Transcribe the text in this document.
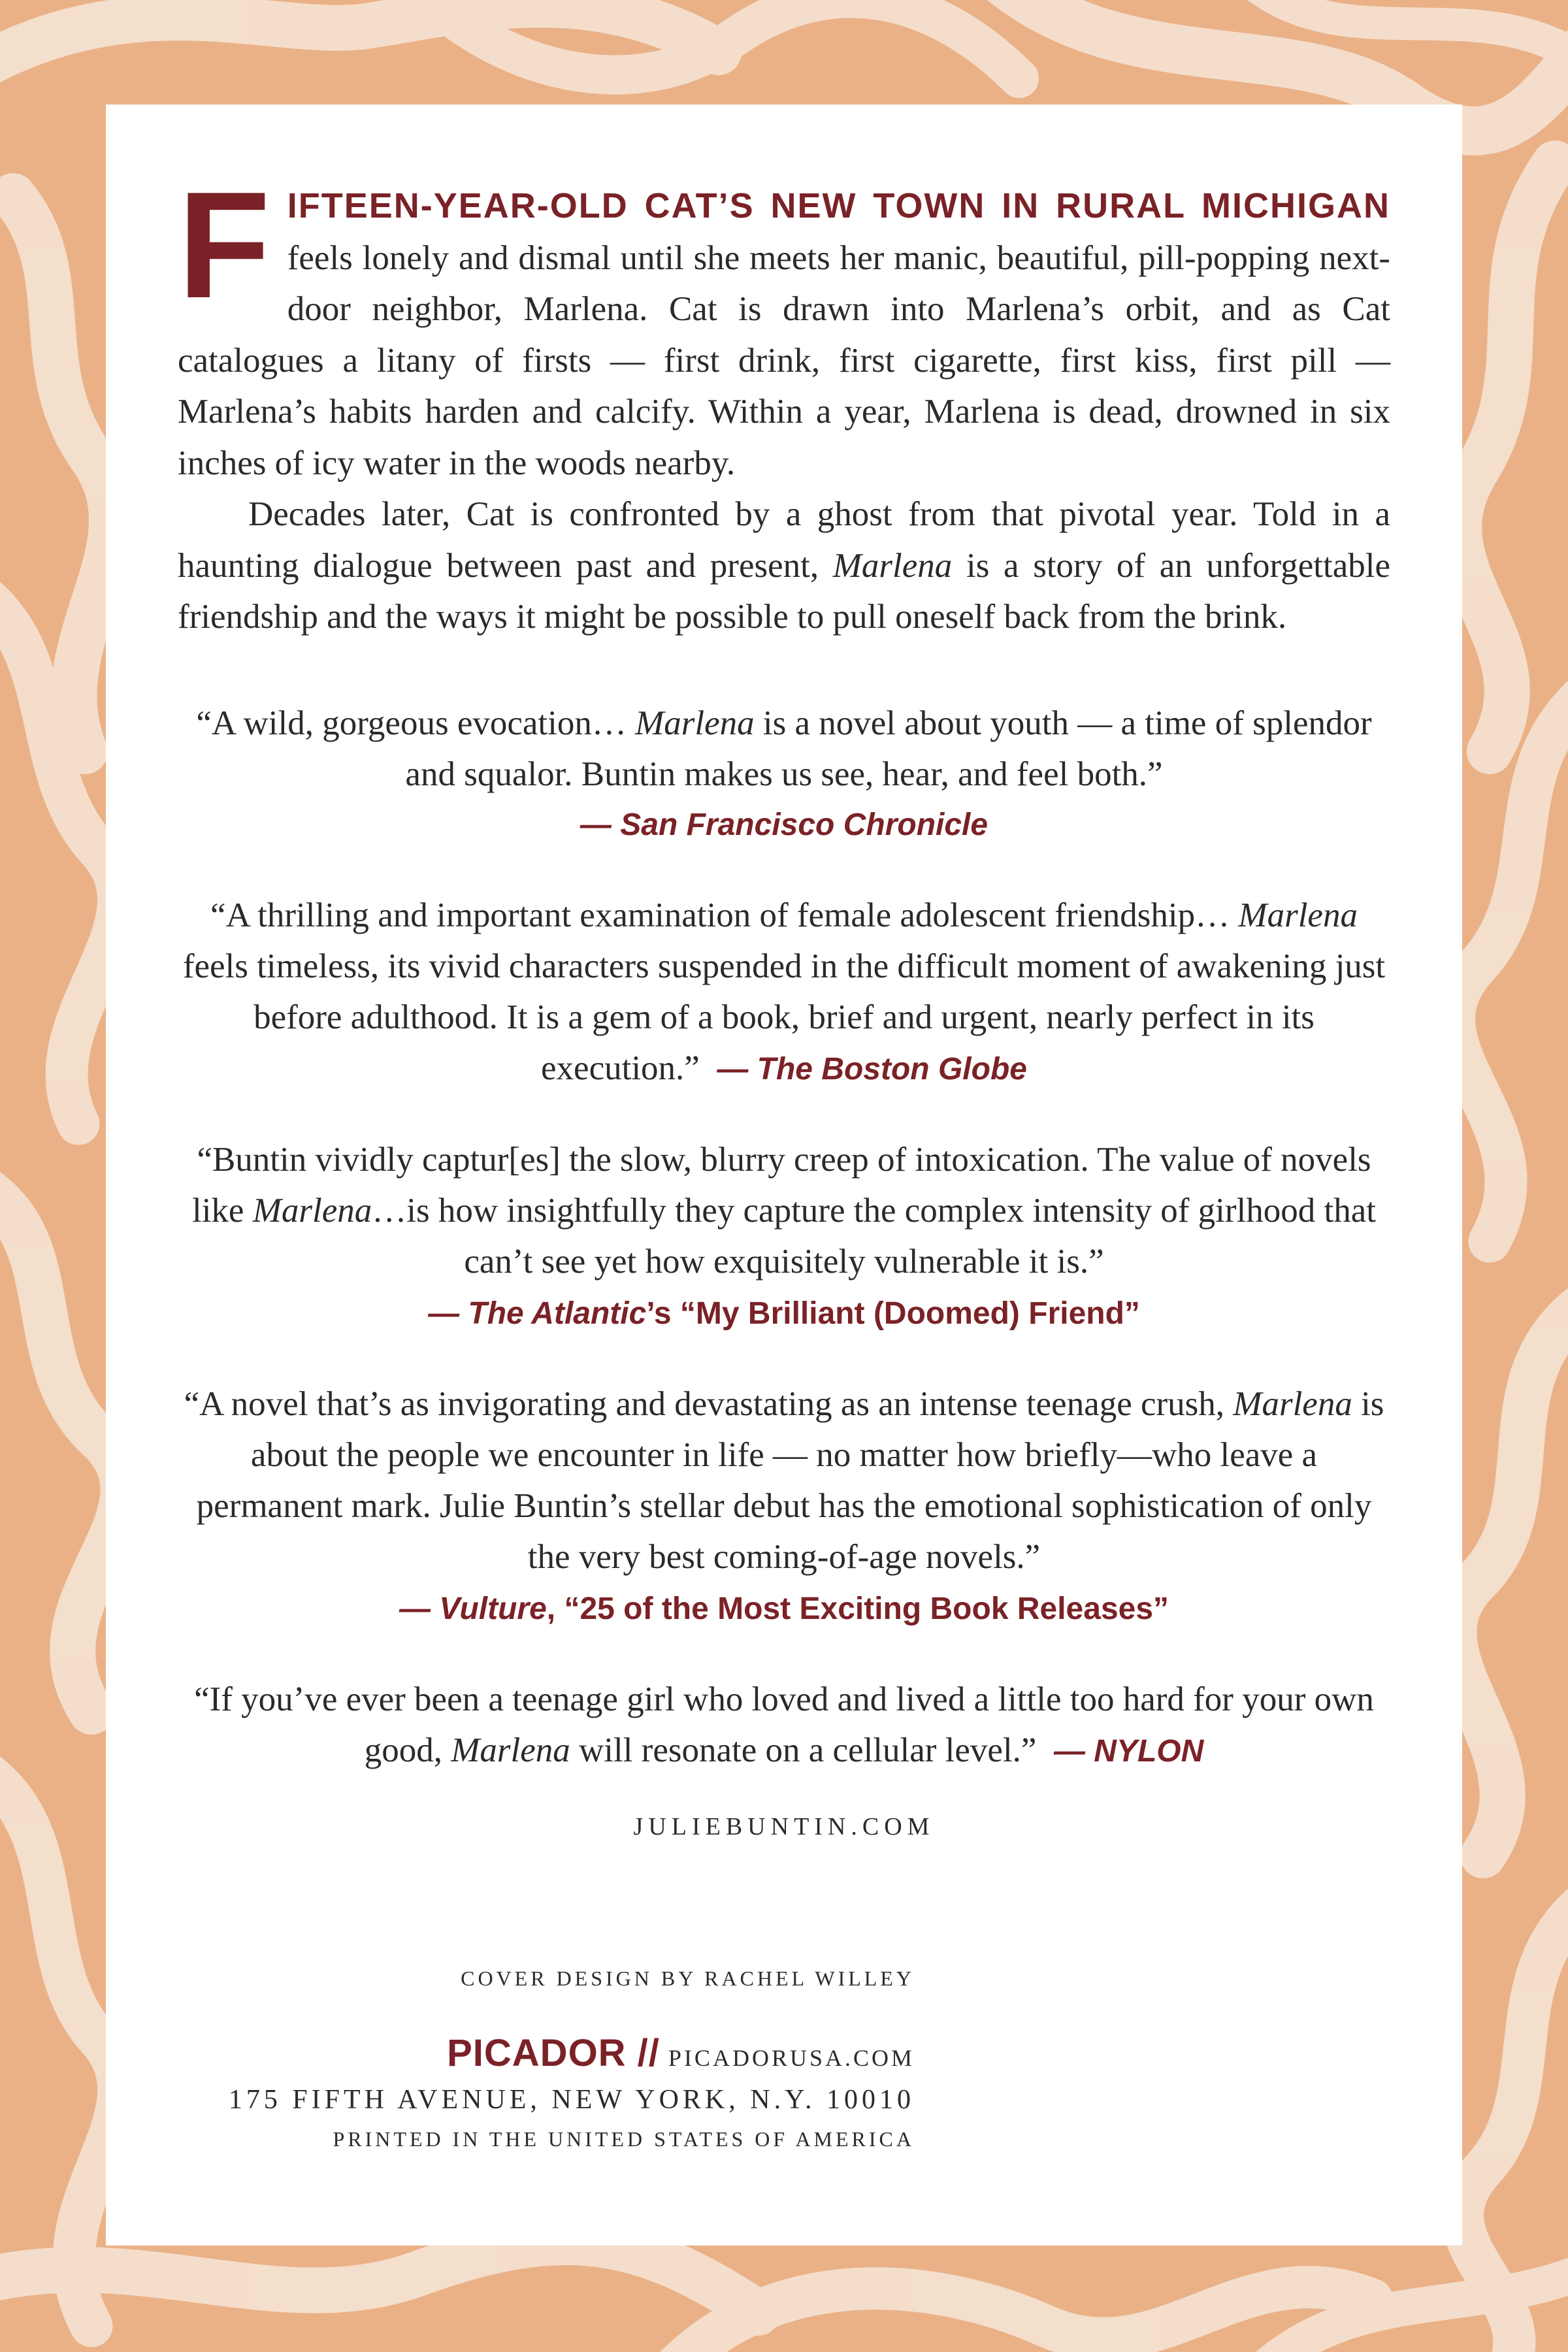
FIFTEEN-YEAR-OLD CAT’S NEW TOWN IN RURAL MICHIGAN feels lonely and dismal until she meets her manic, beautiful, pill-popping next-door neighbor, Marlena. Cat is drawn into Marlena’s orbit, and as Cat catalogues a litany of firsts — first drink, first cigarette, first kiss, first pill — Marlena’s habits harden and calcify. Within a year, Marlena is dead, drowned in six inches of icy water in the woods nearby.

Decades later, Cat is confronted by a ghost from that pivotal year. Told in a haunting dialogue between past and present, Marlena is a story of an unforgettable friendship and the ways it might be possible to pull oneself back from the brink.

“A wild, gorgeous evocation… Marlena is a novel about youth — a time of splendor and squalor. Buntin makes us see, hear, and feel both.”
— San Francisco Chronicle

“A thrilling and important examination of female adolescent friendship… Marlena feels timeless, its vivid characters suspended in the difficult moment of awakening just before adulthood. It is a gem of a book, brief and urgent, nearly perfect in its execution.” — The Boston Globe

“Buntin vividly captur[es] the slow, blurry creep of intoxication. The value of novels like Marlena…is how insightfully they capture the complex intensity of girlhood that can’t see yet how exquisitely vulnerable it is.”
— The Atlantic’s “My Brilliant (Doomed) Friend”

“A novel that’s as invigorating and devastating as an intense teenage crush, Marlena is about the people we encounter in life — no matter how briefly—who leave a permanent mark. Julie Buntin’s stellar debut has the emotional sophistication of only the very best coming-of-age novels.”
— Vulture, “25 of the Most Exciting Book Releases”

“If you’ve ever been a teenage girl who loved and lived a little too hard for your own good, Marlena will resonate on a cellular level.” — NYLON

JULIEBUNTIN.COM
COVER DESIGN BY RACHEL WILLEY
PICADOR // PICADORUSA.COM
175 FIFTH AVENUE, NEW YORK, N.Y. 10010
PRINTED IN THE UNITED STATES OF AMERICA
